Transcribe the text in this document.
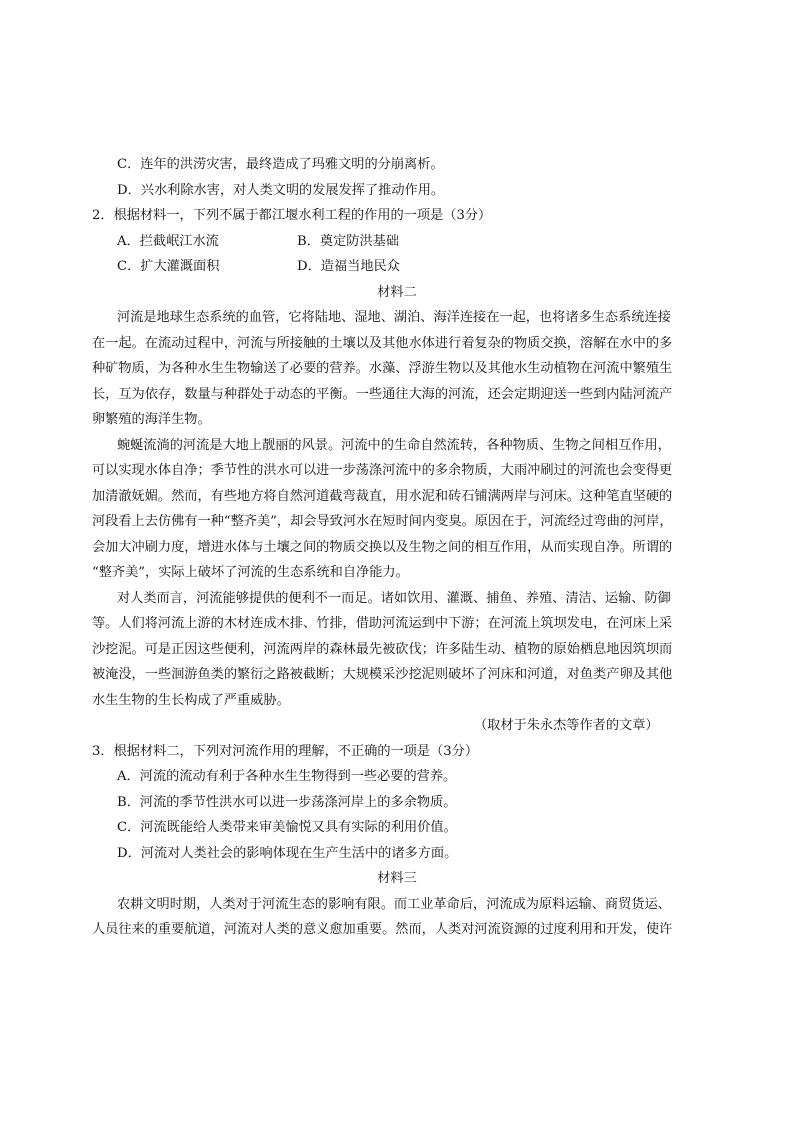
C．连年的洪涝灾害，最终造成了玛雅文明的分崩离析。
D．兴水利除水害，对人类文明的发展发挥了推动作用。
2．根据材料一，下列不属于都江堰水利工程的作用的一项是（3分）
A．拦截岷江水流	B．奠定防洪基础
C．扩大灌溉面积	D．造福当地民众
材料二
河流是地球生态系统的血管，它将陆地、湿地、湖泊、海洋连接在一起，也将诸多生态系统连接
在一起。在流动过程中，河流与所接触的土壤以及其他水体进行着复杂的物质交换，溶解在水中的多
种矿物质，为各种水生生物输送了必要的营养。水藻、浮游生物以及其他水生动植物在河流中繁殖生
长，互为依存，数量与种群处于动态的平衡。一些通往大海的河流，还会定期迎送一些到内陆河流产
卵繁殖的海洋生物。
蜿蜒流淌的河流是大地上靓丽的风景。河流中的生命自然流转，各种物质、生物之间相互作用，
可以实现水体自净；季节性的洪水可以进一步荡涤河流中的多余物质，大雨冲刷过的河流也会变得更
加清澈妩媚。然而，有些地方将自然河道截弯裁直，用水泥和砖石铺满两岸与河床。这种笔直坚硬的
河段看上去仿佛有一种“整齐美”，却会导致河水在短时间内变臭。原因在于，河流经过弯曲的河岸，
会加大冲刷力度，增进水体与土壤之间的物质交换以及生物之间的相互作用，从而实现自净。所谓的
“整齐美”，实际上破坏了河流的生态系统和自净能力。
对人类而言，河流能够提供的便利不一而足。诸如饮用、灌溉、捕鱼、养殖、清洁、运输、防御
等。人们将河流上游的木材连成木排、竹排，借助河流运到中下游；在河流上筑坝发电，在河床上采
沙挖泥。可是正因这些便利，河流两岸的森林最先被砍伐；许多陆生动、植物的原始栖息地因筑坝而
被淹没，一些洄游鱼类的繁衍之路被截断；大规模采沙挖泥则破坏了河床和河道，对鱼类产卵及其他
水生生物的生长构成了严重威胁。
（取材于朱永杰等作者的文章）
3．根据材料二，下列对河流作用的理解，不正确的一项是（3分）
A．河流的流动有利于各种水生生物得到一些必要的营养。
B．河流的季节性洪水可以进一步荡涤河岸上的多余物质。
C．河流既能给人类带来审美愉悦又具有实际的利用价值。
D．河流对人类社会的影响体现在生产生活中的诸多方面。
材料三
农耕文明时期，人类对于河流生态的影响有限。而工业革命后，河流成为原料运输、商贸货运、
人员往来的重要航道，河流对人类的意义愈加重要。然而，人类对河流资源的过度利用和开发，使许
